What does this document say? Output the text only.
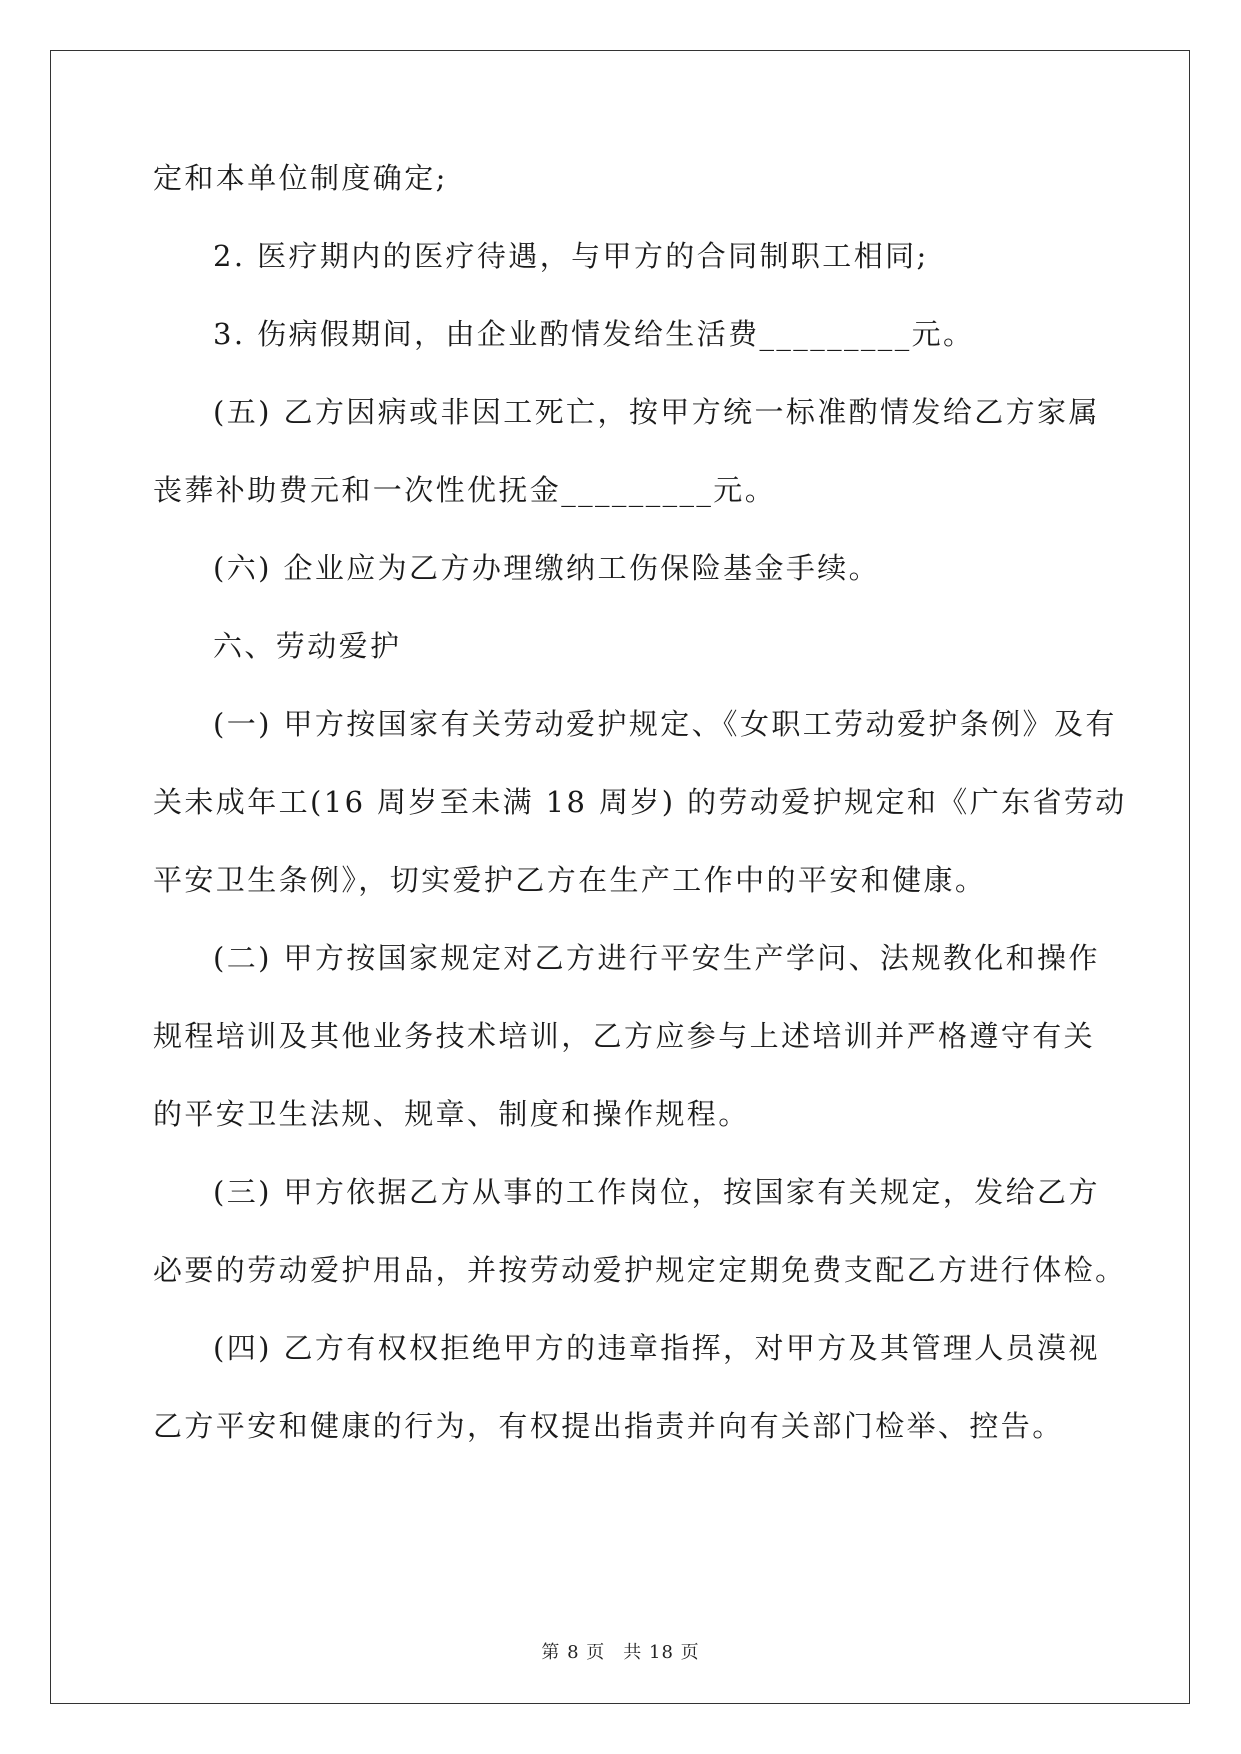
定和本单位制度确定;
2. 医疗期内的医疗待遇，与甲方的合同制职工相同;
3. 伤病假期间，由企业酌情发给生活费_________元。
(五) 乙方因病或非因工死亡，按甲方统一标准酌情发给乙方家属
丧葬补助费元和一次性优抚金_________元。
(六) 企业应为乙方办理缴纳工伤保险基金手续。
六、劳动爱护
(一) 甲方按国家有关劳动爱护规定、《女职工劳动爱护条例》及有
关未成年工(16 周岁至未满 18 周岁) 的劳动爱护规定和《广东省劳动
平安卫生条例》，切实爱护乙方在生产工作中的平安和健康。
(二) 甲方按国家规定对乙方进行平安生产学问、法规教化和操作
规程培训及其他业务技术培训，乙方应参与上述培训并严格遵守有关
的平安卫生法规、规章、制度和操作规程。
(三) 甲方依据乙方从事的工作岗位，按国家有关规定，发给乙方
必要的劳动爱护用品，并按劳动爱护规定定期免费支配乙方进行体检。
(四) 乙方有权权拒绝甲方的违章指挥，对甲方及其管理人员漠视
乙方平安和健康的行为，有权提出指责并向有关部门检举、控告。
第 8 页 共 18 页
